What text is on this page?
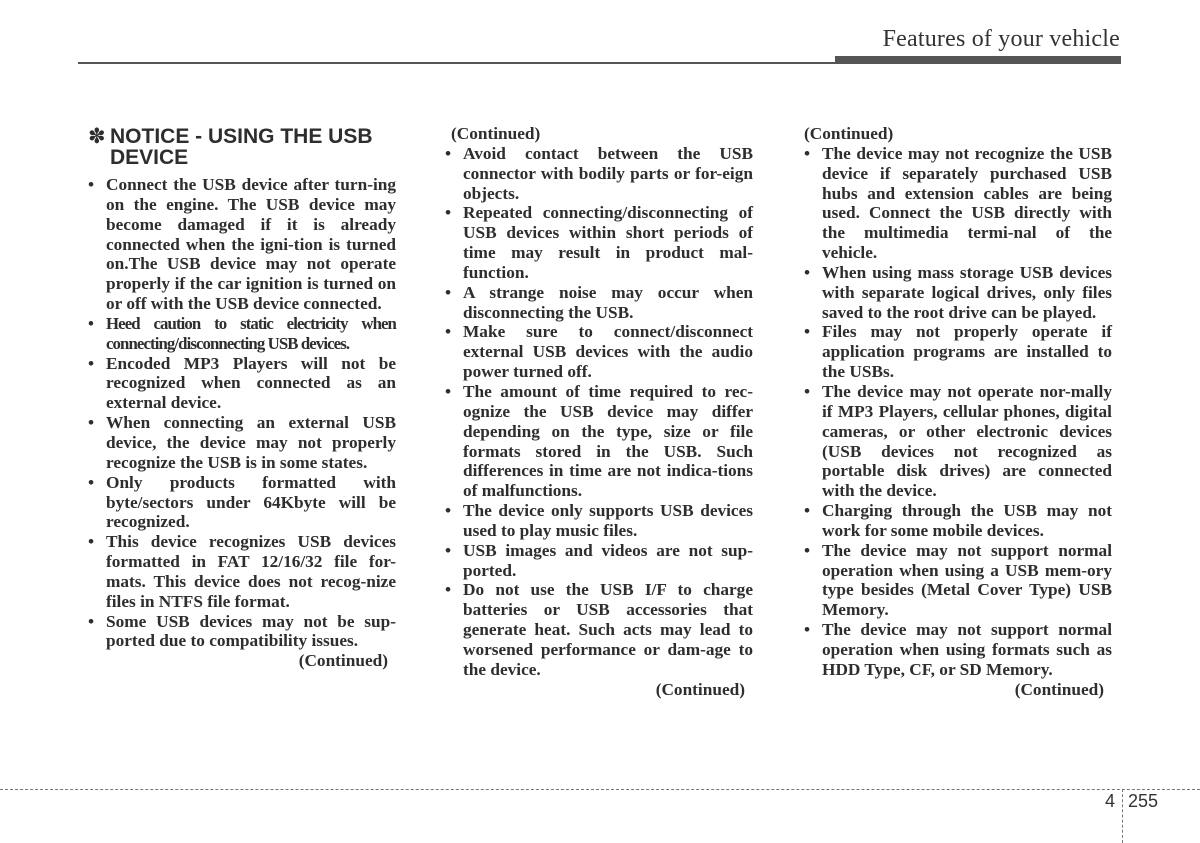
Features of your vehicle
✽ NOTICE - USING THE USB DEVICE
• Connect the USB device after turn-ing on the engine. The USB device may become damaged if it is already connected when the igni-tion is turned on.The USB device may not operate properly if the car ignition is turned on or off with the USB device connected.
• Heed caution to static electricity when connecting/disconnecting USB devices.
• Encoded MP3 Players will not be recognized when connected as an external device.
• When connecting an external USB device, the device may not properly recognize the USB is in some states.
• Only products formatted with byte/sectors under 64Kbyte will be recognized.
• This device recognizes USB devices formatted in FAT 12/16/32 file for-mats. This device does not recog-nize files in NTFS file format.
• Some USB devices may not be sup-ported due to compatibility issues.
(Continued)
(Continued)
• Avoid contact between the USB connector with bodily parts or for-eign objects.
• Repeated connecting/disconnecting of USB devices within short periods of time may result in product mal-function.
• A strange noise may occur when disconnecting the USB.
• Make sure to connect/disconnect external USB devices with the audio power turned off.
• The amount of time required to rec-ognize the USB device may differ depending on the type, size or file formats stored in the USB. Such differences in time are not indica-tions of malfunctions.
• The device only supports USB devices used to play music files.
• USB images and videos are not sup-ported.
• Do not use the USB I/F to charge batteries or USB accessories that generate heat. Such acts may lead to worsened performance or dam-age to the device.
(Continued)
(Continued)
• The device may not recognize the USB device if separately purchased USB hubs and extension cables are being used. Connect the USB directly with the multimedia termi-nal of the vehicle.
• When using mass storage USB devices with separate logical drives, only files saved to the root drive can be played.
• Files may not properly operate if application programs are installed to the USBs.
• The device may not operate nor-mally if MP3 Players, cellular phones, digital cameras, or other electronic devices (USB devices not recognized as portable disk drives) are connected with the device.
• Charging through the USB may not work for some mobile devices.
• The device may not support normal operation when using a USB mem-ory type besides (Metal Cover Type) USB Memory.
• The device may not support normal operation when using formats such as HDD Type, CF, or SD Memory.
(Continued)
4 255
